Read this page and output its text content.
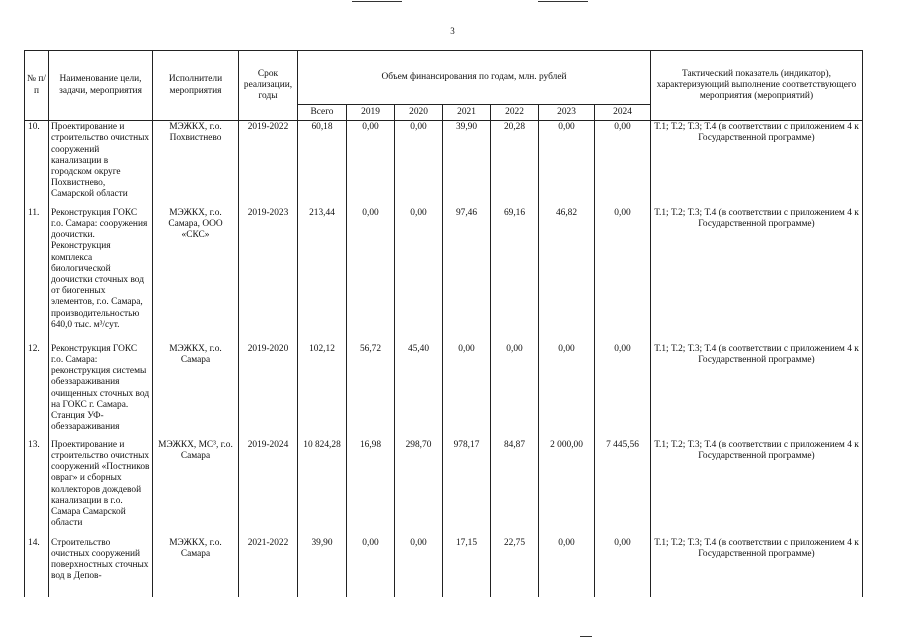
3
№ п/п	Наименование цели, задачи, мероприятия	Исполнители мероприятия	Срок реализации, годы	Объем финансирования по годам, млн. рублей							Тактический показатель (индикатор), характеризующий выполнение соответствующего мероприятия (мероприятий)
				Всего	2019	2020	2021	2022	2023	2024	
10.	Проектирование и строительство очистных сооружений канализации в городском округе Похвистнево, Самарской области	МЭЖКХ, г.о. Похвистнево	2019-2022	60,18	0,00	0,00	39,90	20,28	0,00	0,00	Т.1; Т.2; Т.3; Т.4 (в соответствии с приложением 4 к Государственной программе)
11.	Реконструкция ГОКС г.о. Самара: сооружения доочистки. Реконструкция комплекса биологической доочистки сточных вод от биогенных элементов, г.о. Самара, производительностью 640,0 тыс. м³/сут.	МЭЖКХ, г.о. Самара, ООО «СКС»	2019-2023	213,44	0,00	0,00	97,46	69,16	46,82	0,00	Т.1; Т.2; Т.3; Т.4 (в соответствии с приложением 4 к Государственной программе)
12.	Реконструкция ГОКС г.о. Самара: реконструкция системы обеззараживания очищенных сточных вод на ГОКС г. Самара. Станция УФ-обеззараживания	МЭЖКХ, г.о. Самара	2019-2020	102,12	56,72	45,40	0,00	0,00	0,00	0,00	Т.1; Т.2; Т.3; Т.4 (в соответствии с приложением 4 к Государственной программе)
13.	Проектирование и строительство очистных сооружений «Постников овраг» и сборных коллекторов дождевой канализации в г.о. Самара Самарской области	МЭЖКХ, МС³, г.о. Самара	2019-2024	10 824,28	16,98	298,70	978,17	84,87	2 000,00	7 445,56	Т.1; Т.2; Т.3; Т.4 (в соответствии с приложением 4 к Государственной программе)
14.	Строительство очистных сооружений поверхностных сточных вод в Депов-	МЭЖКХ, г.о. Самара	2021-2022	39,90	0,00	0,00	17,15	22,75	0,00	0,00	Т.1; Т.2; Т.3; Т.4 (в соответствии с приложением 4 к Государственной программе)
